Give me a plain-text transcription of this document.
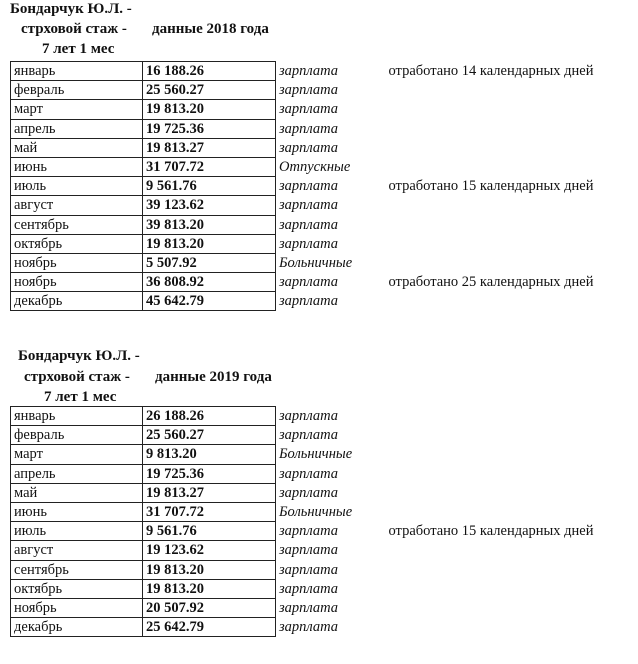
Бондарчук Ю.Л. -
стрховой стаж - данные 2018 года
7 лет 1 мес
январь	16 188.26	зарплата	отработано 14 календарных дней
февраль	25 560.27	зарплата	
март	19 813.20	зарплата	
апрель	19 725.36	зарплата	
май	19 813.27	зарплата	
июнь	31 707.72	Отпускные	
июль	9 561.76	зарплата	отработано 15 календарных дней
август	39 123.62	зарплата	
сентябрь	39 813.20	зарплата	
октябрь	19 813.20	зарплата	
ноябрь	5 507.92	Больничные	
ноябрь	36 808.92	зарплата	отработано 25 календарных дней
декабрь	45 642.79	зарплата	
Бондарчук Ю.Л. -
стрховой стаж - данные 2019 года
7 лет 1 мес
январь	26 188.26	зарплата	
февраль	25 560.27	зарплата	
март	9 813.20	Больничные	
апрель	19 725.36	зарплата	
май	19 813.27	зарплата	
июнь	31 707.72	Больничные	
июль	9 561.76	зарплата	отработано 15 календарных дней
август	19 123.62	зарплата	
сентябрь	19 813.20	зарплата	
октябрь	19 813.20	зарплата	
ноябрь	20 507.92	зарплата	
декабрь	25 642.79	зарплата	
